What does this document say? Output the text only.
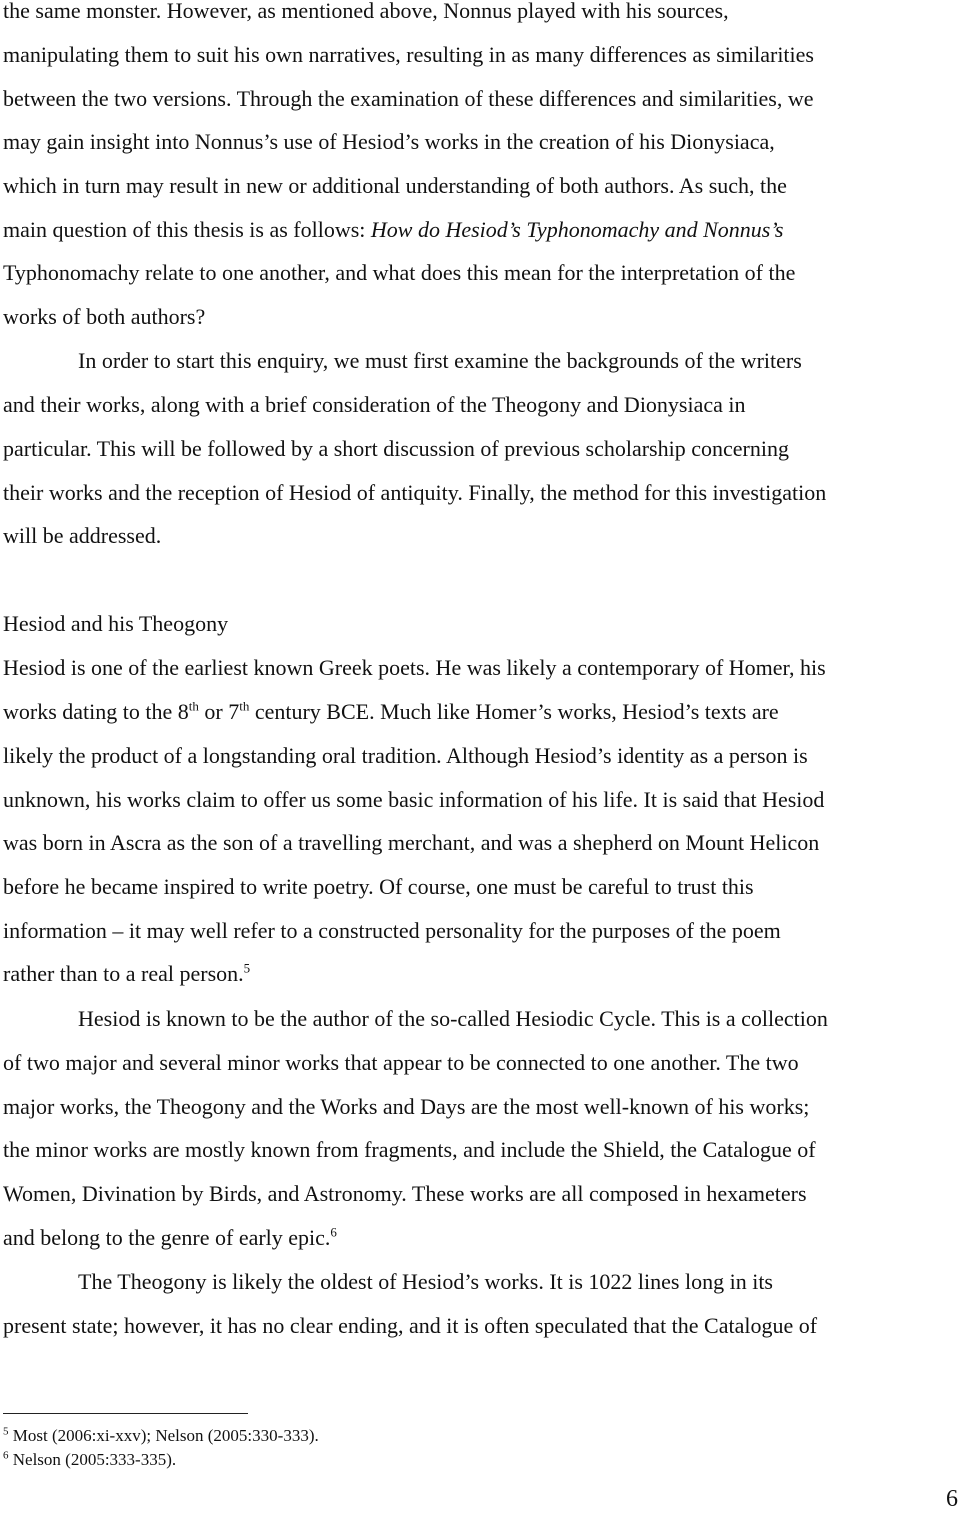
the same monster. However, as mentioned above, Nonnus played with his sources,
manipulating them to suit his own narratives, resulting in as many differences as similarities
between the two versions. Through the examination of these differences and similarities, we
may gain insight into Nonnus’s use of Hesiod’s works in the creation of his Dionysiaca,
which in turn may result in new or additional understanding of both authors. As such, the
main question of this thesis is as follows: How do Hesiod’s Typhonomachy and Nonnus’s
Typhonomachy relate to one another, and what does this mean for the interpretation of the
works of both authors?
In order to start this enquiry, we must first examine the backgrounds of the writers
and their works, along with a brief consideration of the Theogony and Dionysiaca in
particular. This will be followed by a short discussion of previous scholarship concerning
their works and the reception of Hesiod of antiquity. Finally, the method for this investigation
will be addressed.
Hesiod and his Theogony
Hesiod is one of the earliest known Greek poets. He was likely a contemporary of Homer, his
works dating to the 8th or 7th century BCE. Much like Homer’s works, Hesiod’s texts are
likely the product of a longstanding oral tradition. Although Hesiod’s identity as a person is
unknown, his works claim to offer us some basic information of his life. It is said that Hesiod
was born in Ascra as the son of a travelling merchant, and was a shepherd on Mount Helicon
before he became inspired to write poetry. Of course, one must be careful to trust this
information – it may well refer to a constructed personality for the purposes of the poem
rather than to a real person.$^5$
Hesiod is known to be the author of the so-called Hesiodic Cycle. This is a collection
of two major and several minor works that appear to be connected to one another. The two
major works, the Theogony and the Works and Days are the most well-known of his works;
the minor works are mostly known from fragments, and include the Shield, the Catalogue of
Women, Divination by Birds, and Astronomy. These works are all composed in hexameters
and belong to the genre of early epic.$^6$
The Theogony is likely the oldest of Hesiod’s works. It is 1022 lines long in its
present state; however, it has no clear ending, and it is often speculated that the Catalogue of
$^5$ Most (2006:xi-xxv); Nelson (2005:330-333).
$^6$ Nelson (2005:333-335).
6
